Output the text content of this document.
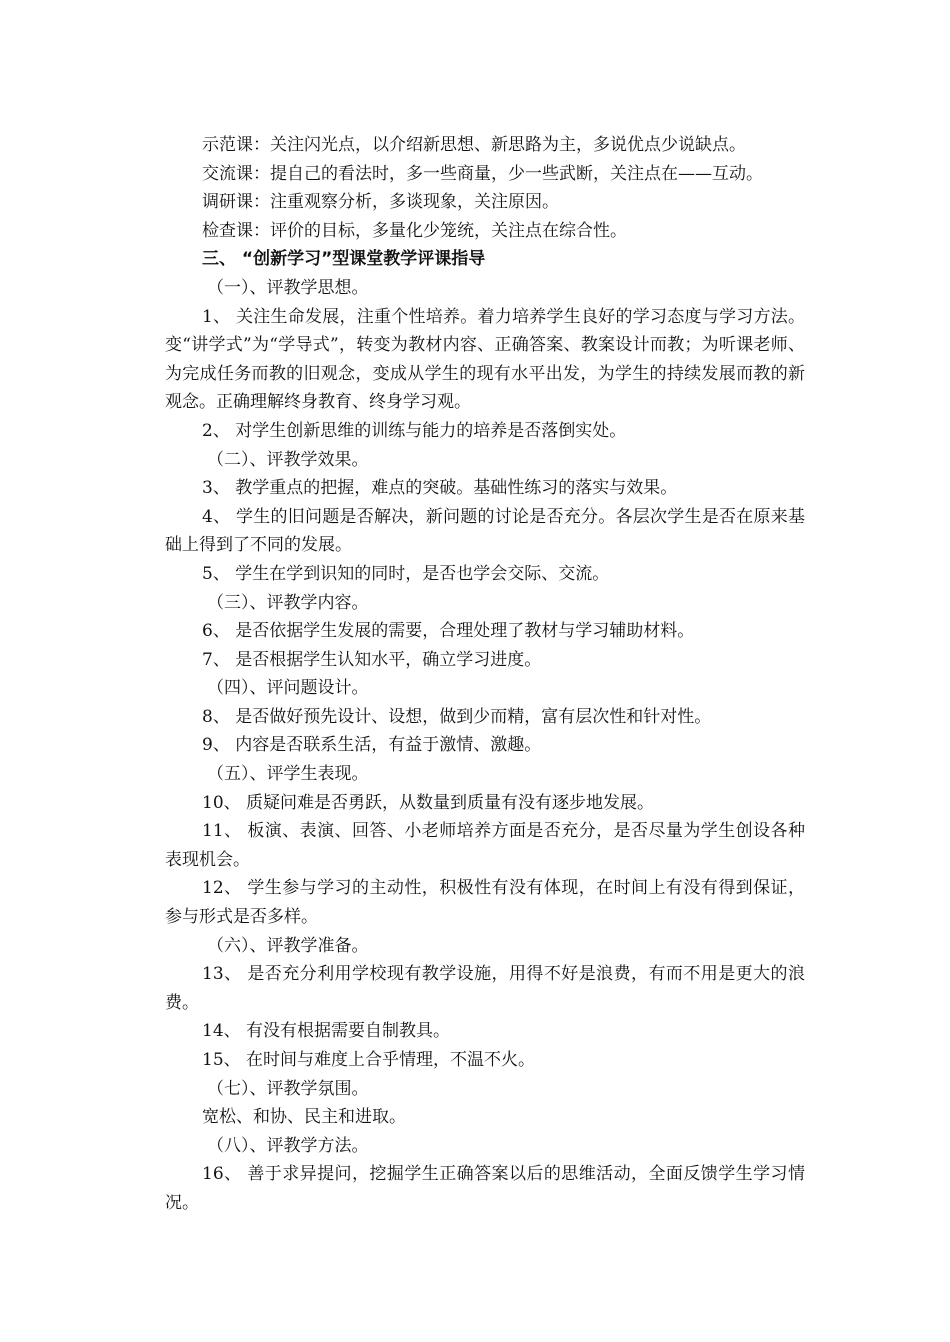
示范课：关注闪光点，以介绍新思想、新思路为主，多说优点少说缺点。

交流课：提自己的看法时，多一些商量，少一些武断，关注点在——互动。

调研课：注重观察分析，多谈现象，关注原因。

检查课：评价的目标，多量化少笼统，关注点在综合性。

三、 “创新学习”型课堂教学评课指导

（一）、评教学思想。

1、 关注生命发展，注重个性培养。着力培养学生良好的学习态度与学习方法。变“讲学式”为“学导式”，转变为教材内容、正确答案、教案设计而教；为听课老师、为完成任务而教的旧观念，变成从学生的现有水平出发，为学生的持续发展而教的新观念。正确理解终身教育、终身学习观。

2、 对学生创新思维的训练与能力的培养是否落倒实处。

（二）、评教学效果。

3、 教学重点的把握，难点的突破。基础性练习的落实与效果。

4、 学生的旧问题是否解决，新问题的讨论是否充分。各层次学生是否在原来基础上得到了不同的发展。

5、 学生在学到识知的同时，是否也学会交际、交流。

（三）、评教学内容。

6、 是否依据学生发展的需要，合理处理了教材与学习辅助材料。

7、 是否根据学生认知水平，确立学习进度。

（四）、评问题设计。

8、 是否做好预先设计、设想，做到少而精，富有层次性和针对性。

9、 内容是否联系生活，有益于激情、激趣。

（五）、评学生表现。

10、 质疑问难是否勇跃，从数量到质量有没有逐步地发展。

11、 板演、表演、回答、小老师培养方面是否充分，是否尽量为学生创设各种表现机会。

12、 学生参与学习的主动性，积极性有没有体现，在时间上有没有得到保证，参与形式是否多样。

（六）、评教学准备。

13、 是否充分利用学校现有教学设施，用得不好是浪费，有而不用是更大的浪费。

14、 有没有根据需要自制教具。

15、 在时间与难度上合乎情理，不温不火。

（七）、评教学氛围。

宽松、和协、民主和进取。

（八）、评教学方法。

16、 善于求异提问，挖掘学生正确答案以后的思维活动，全面反馈学生学习情况。
